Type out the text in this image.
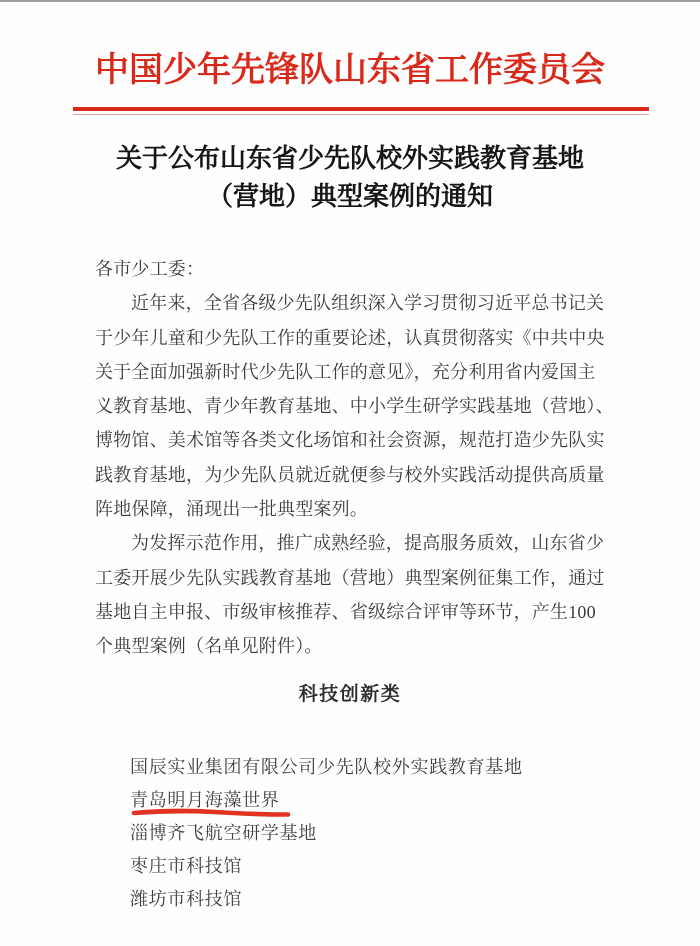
中国少年先锋队山东省工作委员会
关于公布山东省少先队校外实践教育基地
（营地）典型案例的通知
各市少工委：
近年来，全省各级少先队组织深入学习贯彻习近平总书记关
于少年儿童和少先队工作的重要论述，认真贯彻落实《中共中央
关于全面加强新时代少先队工作的意见》，充分利用省内爱国主
义教育基地、青少年教育基地、中小学生研学实践基地（营地）、
博物馆、美术馆等各类文化场馆和社会资源，规范打造少先队实
践教育基地，为少先队员就近就便参与校外实践活动提供高质量
阵地保障，涌现出一批典型案列。
为发挥示范作用，推广成熟经验，提高服务质效，山东省少
工委开展少先队实践教育基地（营地）典型案例征集工作，通过
基地自主申报、市级审核推荐、省级综合评审等环节，产生100
个典型案例（名单见附件）。
科技创新类
国辰实业集团有限公司少先队校外实践教育基地
青岛明月海藻世界
淄博齐飞航空研学基地
枣庄市科技馆
潍坊市科技馆
